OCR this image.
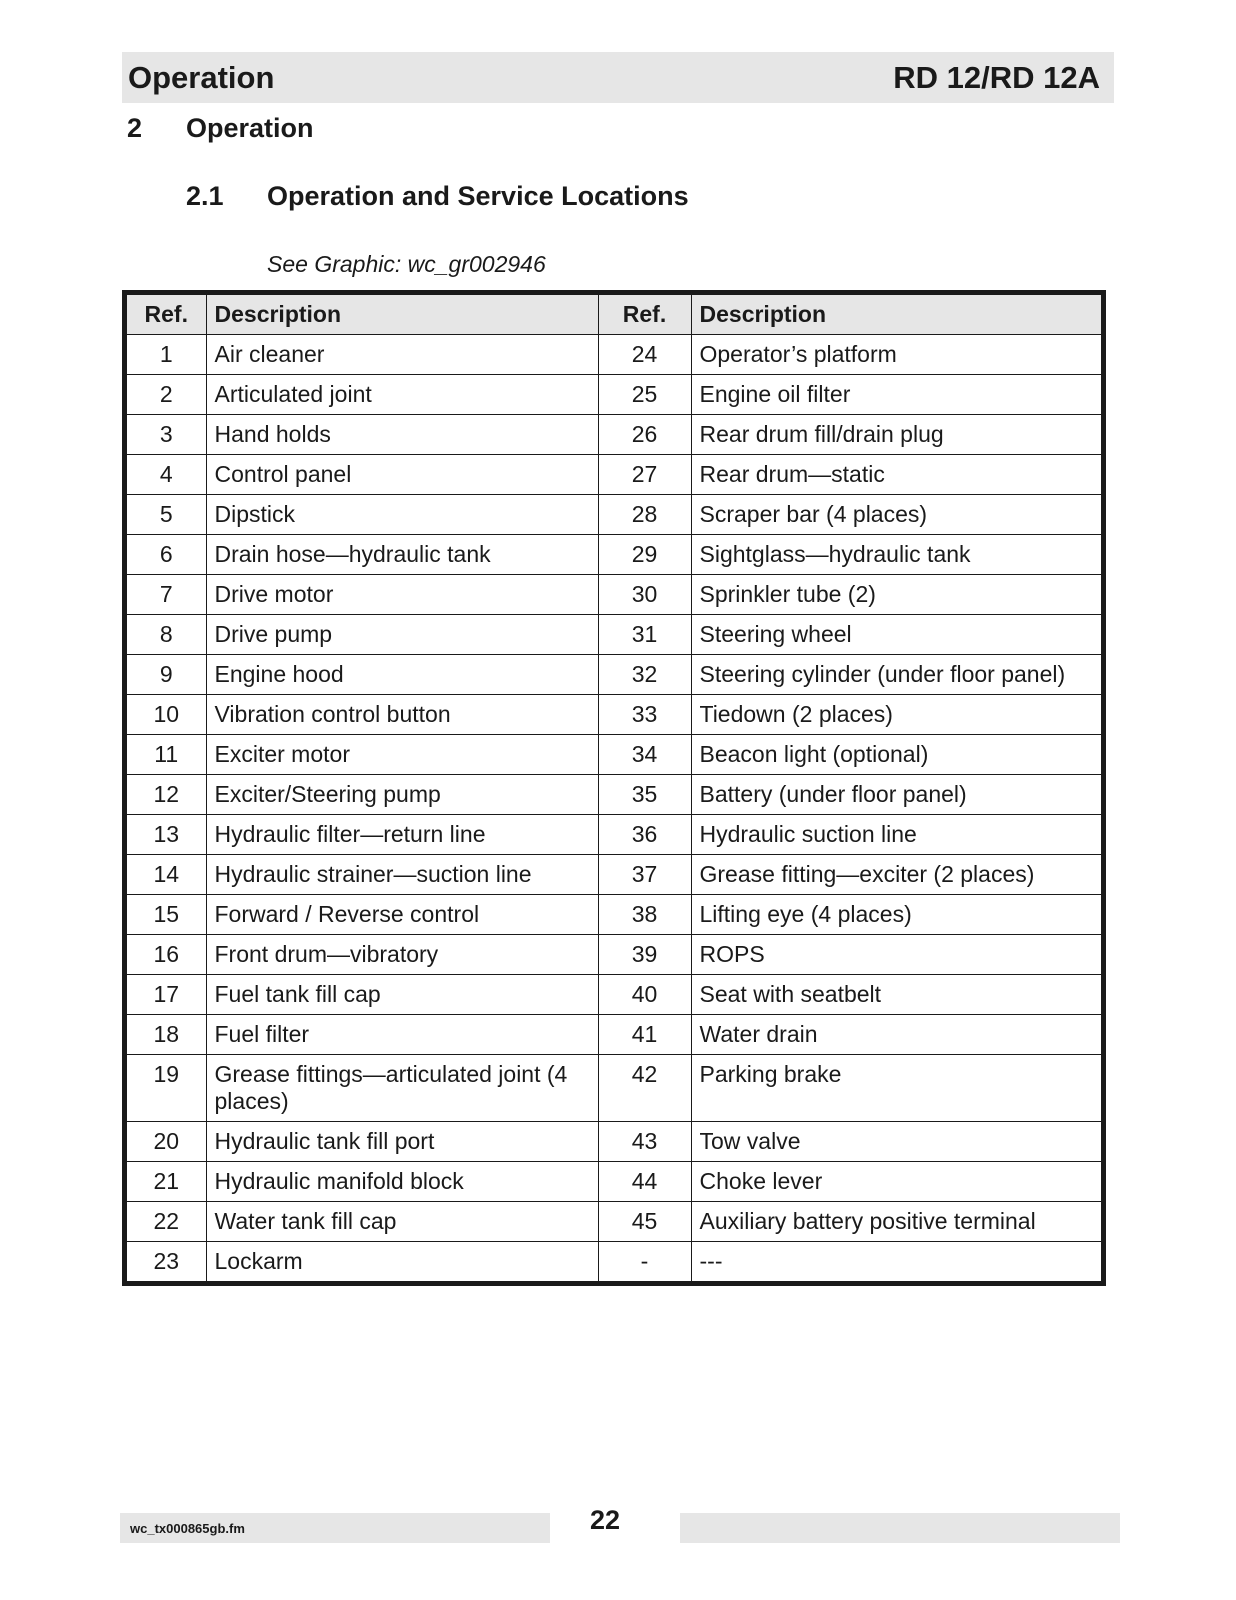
Operation	RD 12/RD 12A
2 Operation
2.1 Operation and Service Locations
See Graphic: wc_gr002946
Ref.	Description	Ref.	Description
1	Air cleaner	24	Operator’s platform
2	Articulated joint	25	Engine oil filter
3	Hand holds	26	Rear drum fill/drain plug
4	Control panel	27	Rear drum—static
5	Dipstick	28	Scraper bar (4 places)
6	Drain hose—hydraulic tank	29	Sightglass—hydraulic tank
7	Drive motor	30	Sprinkler tube (2)
8	Drive pump	31	Steering wheel
9	Engine hood	32	Steering cylinder (under floor panel)
10	Vibration control button	33	Tiedown (2 places)
11	Exciter motor	34	Beacon light (optional)
12	Exciter/Steering pump	35	Battery (under floor panel)
13	Hydraulic filter—return line	36	Hydraulic suction line
14	Hydraulic strainer—suction line	37	Grease fitting—exciter (2 places)
15	Forward / Reverse control	38	Lifting eye (4 places)
16	Front drum—vibratory	39	ROPS
17	Fuel tank fill cap	40	Seat with seatbelt
18	Fuel filter	41	Water drain
19	Grease fittings—articulated joint (4 places)	42	Parking brake
20	Hydraulic tank fill port	43	Tow valve
21	Hydraulic manifold block	44	Choke lever
22	Water tank fill cap	45	Auxiliary battery positive terminal
23	Lockarm	-	---
wc_tx000865gb.fm	22
